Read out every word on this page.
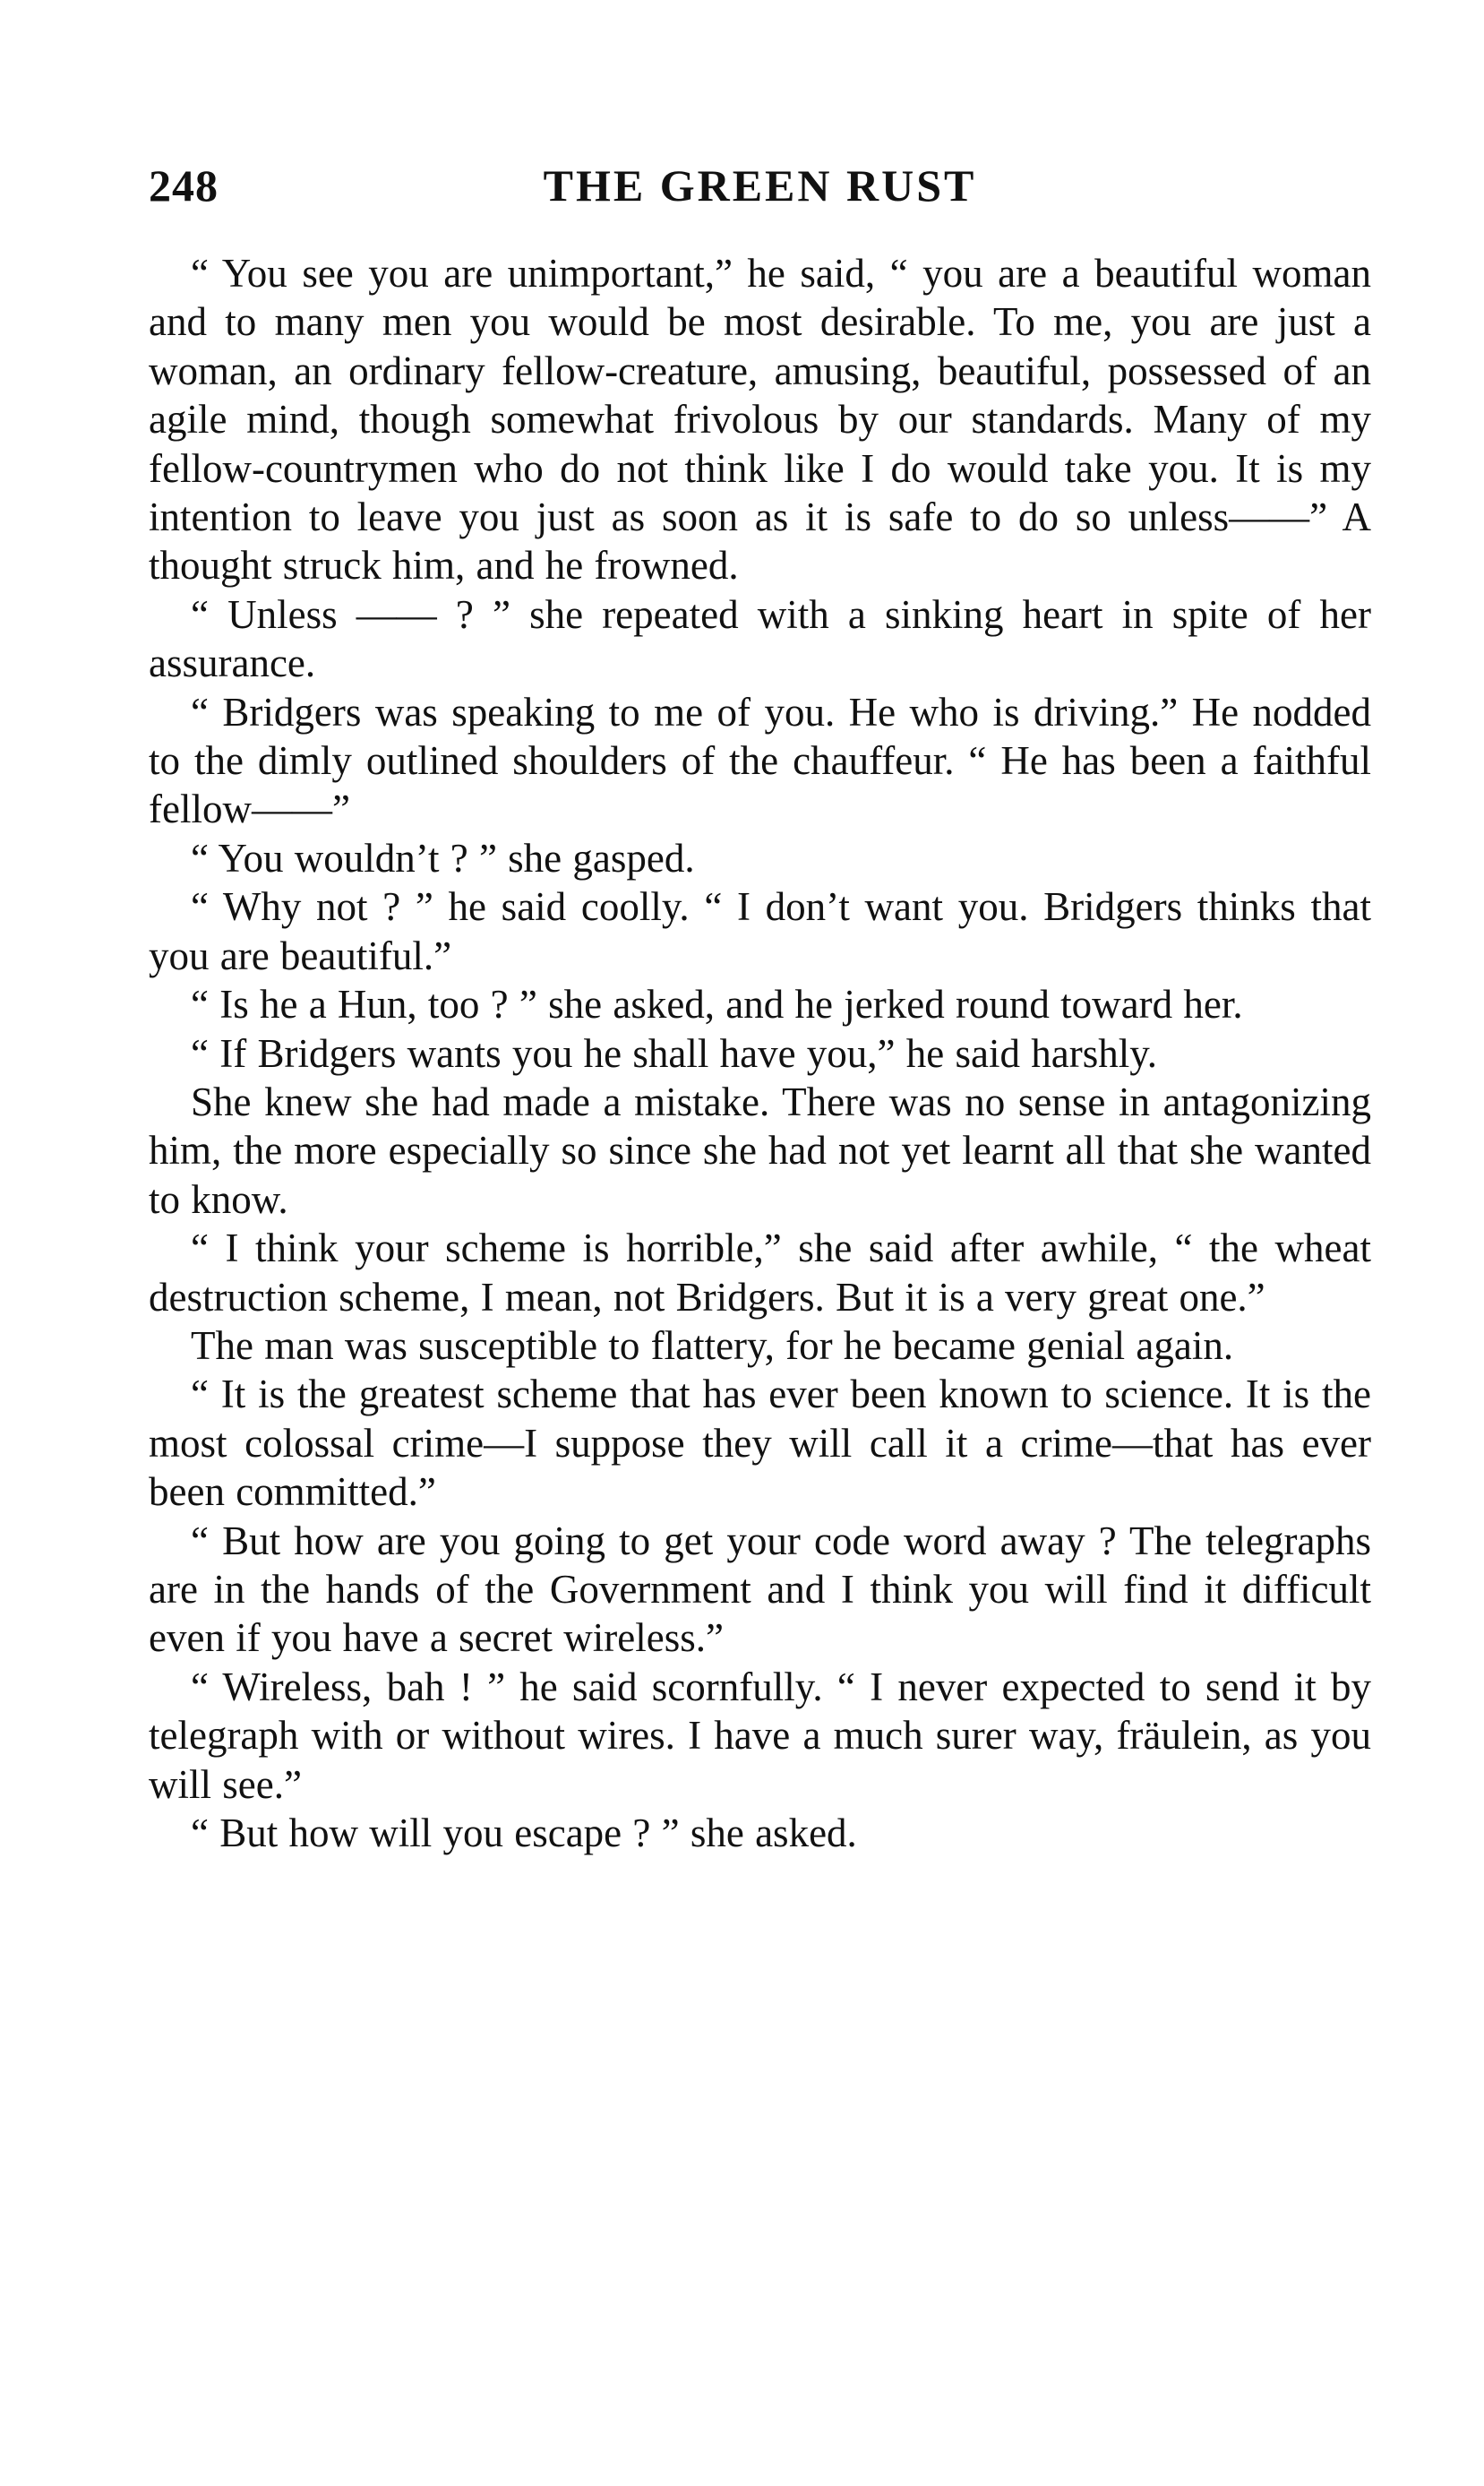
248	THE GREEN RUST

“ You see you are unimportant,” he said, “ you are a beautiful woman and to many men you would be most desirable. To me, you are just a woman, an ordinary fellow-creature, amusing, beautiful, possessed of an agile mind, though somewhat frivolous by our standards. Many of my fellow-countrymen who do not think like I do would take you. It is my intention to leave you just as soon as it is safe to do so unless——” A thought struck him, and he frowned.

“ Unless —— ? ” she repeated with a sinking heart in spite of her assurance.

“ Bridgers was speaking to me of you. He who is driving.” He nodded to the dimly outlined shoulders of the chauffeur. “ He has been a faithful fellow——”

“ You wouldn’t ? ” she gasped.

“ Why not ? ” he said coolly. “ I don’t want you. Bridgers thinks that you are beautiful.”

“ Is he a Hun, too ? ” she asked, and he jerked round toward her.

“ If Bridgers wants you he shall have you,” he said harshly.

She knew she had made a mistake. There was no sense in antagonizing him, the more especially so since she had not yet learnt all that she wanted to know.

“ I think your scheme is horrible,” she said after awhile, “ the wheat destruction scheme, I mean, not Bridgers. But it is a very great one.”

The man was susceptible to flattery, for he became genial again.

“ It is the greatest scheme that has ever been known to science. It is the most colossal crime—I suppose they will call it a crime—that has ever been committed.”

“ But how are you going to get your code word away ? The telegraphs are in the hands of the Government and I think you will find it difficult even if you have a secret wireless.”

“ Wireless, bah ! ” he said scornfully. “ I never expected to send it by telegraph with or without wires. I have a much surer way, fräulein, as you will see.”

“ But how will you escape ? ” she asked.
